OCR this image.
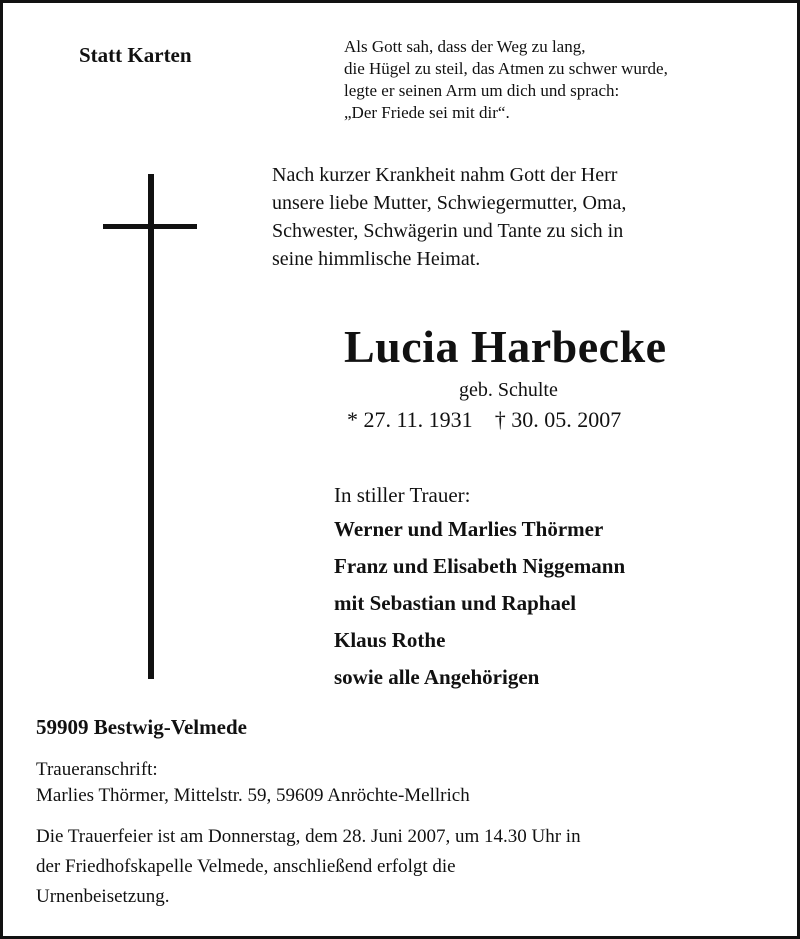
Statt Karten	Als Gott sah, dass der Weg zu lang,
die Hügel zu steil, das Atmen zu schwer wurde,
legte er seinen Arm um dich und sprach:
„Der Friede sei mit dir“.
Nach kurzer Krankheit nahm Gott der Herr
unsere liebe Mutter, Schwiegermutter, Oma,
Schwester, Schwägerin und Tante zu sich in
seine himmlische Heimat.
Lucia Harbecke
geb. Schulte
* 27. 11. 1931 † 30. 05. 2007
In stiller Trauer:
Werner und Marlies Thörmer
Franz und Elisabeth Niggemann
mit Sebastian und Raphael
Klaus Rothe
sowie alle Angehörigen
59909 Bestwig-Velmede
Traueranschrift:
Marlies Thörmer, Mittelstr. 59, 59609 Anröchte-Mellrich
Die Trauerfeier ist am Donnerstag, dem 28. Juni 2007, um 14.30 Uhr in
der Friedhofskapelle Velmede, anschließend erfolgt die
Urnenbeisetzung.
